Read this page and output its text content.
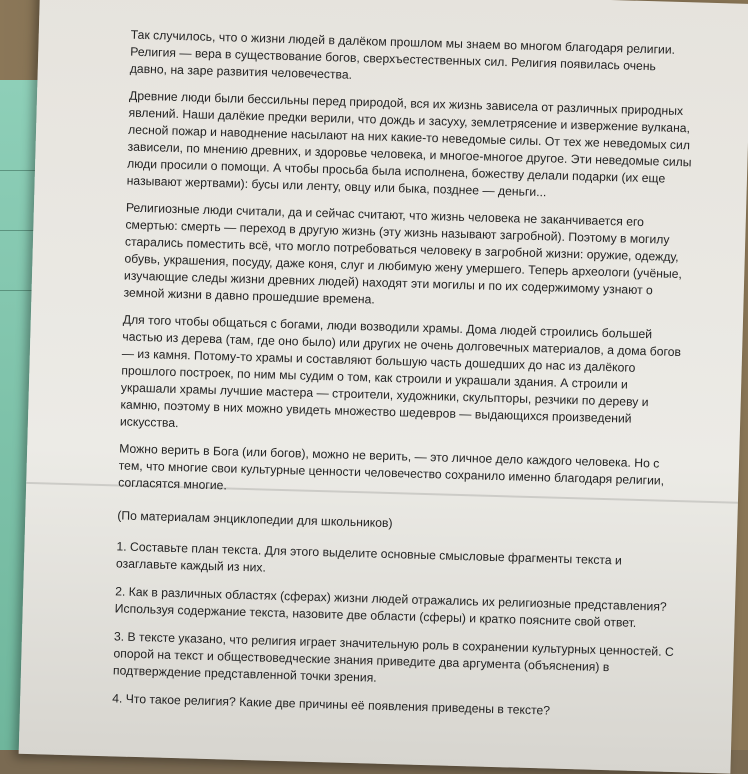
Так случилось, что о жизни людей в далёком прошлом мы знаем во многом благодаря религии. Религия — вера в существование богов, сверхъестественных сил. Религия появилась очень давно, на заре развития человечества.

Древние люди были бессильны перед природой, вся их жизнь зависела от различных природных явлений. Наши далёкие предки верили, что дождь и засуху, землетрясение и извержение вулкана, лесной пожар и наводнение насылают на них какие-то неведомые силы. От тех же неведомых сил зависели, по мнению древних, и здоровье человека, и многое-многое другое. Эти неведомые силы люди просили о помощи. А чтобы просьба была исполнена, божеству делали подарки (их еще называют жертвами): бусы или ленту, овцу или быка, позднее — деньги...

Религиозные люди считали, да и сейчас считают, что жизнь человека не заканчивается его смертью: смерть — переход в другую жизнь (эту жизнь называют загробной). Поэтому в могилу старались поместить всё, что могло потребоваться человеку в загробной жизни: оружие, одежду, обувь, украшения, посуду, даже коня, слуг и любимую жену умершего. Теперь археологи (учёные, изучающие следы жизни древних людей) находят эти могилы и по их содержимому узнают о земной жизни в давно прошедшие времена.

Для того чтобы общаться с богами, люди возводили храмы. Дома людей строились большей частью из дерева (там, где оно было) или других не очень долговечных материалов, а дома богов — из камня. Потому-то храмы и составляют большую часть дошедших до нас из далёкого прошлого построек, по ним мы судим о том, как строили и украшали здания. А строили и украшали храмы лучшие мастера — строители, художники, скульпторы, резчики по дереву и камню, поэтому в них можно увидеть множество шедевров — выдающихся произведений искусства.

Можно верить в Бога (или богов), можно не верить, — это личное дело каждого человека. Но с тем, что многие свои культурные ценности человечество сохранило именно благодаря религии, согласятся многие.

(По материалам энциклопедии для школьников)

1. Составьте план текста. Для этого выделите основные смысловые фрагменты текста и озаглавьте каждый из них.

2. Как в различных областях (сферах) жизни людей отражались их религиозные представления? Используя содержание текста, назовите две области (сферы) и кратко поясните свой ответ.

3. В тексте указано, что религия играет значительную роль в сохранении культурных ценностей. С опорой на текст и обществоведческие знания приведите два аргумента (объяснения) в подтверждение представленной точки зрения.

4. Что такое религия? Какие две причины её появления приведены в тексте?
